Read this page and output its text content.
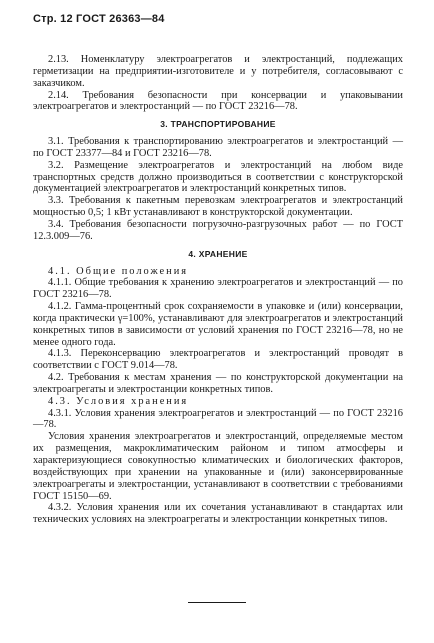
Стр. 12 ГОСТ 26363—84

2.13. Номенклатуру электроагрегатов и электростанций, подлежащих герметизации на предприятии-изготовителе и у потребителя, согласовывают с заказчиком.

2.14. Требования безопасности при консервации и упаковывании электроагрегатов и электростанций — по ГОСТ 23216—78.

3. ТРАНСПОРТИРОВАНИЕ

3.1. Требования к транспортированию электроагрегатов и электростанций — по ГОСТ 23377—84 и ГОСТ 23216—78.

3.2. Размещение электроагрегатов и электростанций на любом виде транспортных средств должно производиться в соответствии с конструкторской документацией электроагрегатов и электростанций конкретных типов.

3.3. Требования к пакетным перевозкам электроагрегатов и электростанций мощностью 0,5; 1 кВт устанавливают в конструкторской документации.

3.4. Требования безопасности погрузочно-разгрузочных работ — по ГОСТ 12.3.009—76.

4. ХРАНЕНИЕ

4.1. Общие положения

4.1.1. Общие требования к хранению электроагрегатов и электростанций — по ГОСТ 23216—78.

4.1.2. Гамма-процентный срок сохраняемости в упаковке и (или) консервации, когда практически γ=100%, устанавливают для электроагрегатов и электростанций конкретных типов в зависимости от условий хранения по ГОСТ 23216—78, но не менее одного года.

4.1.3. Переконсервацию электроагрегатов и электростанций проводят в соответствии с ГОСТ 9.014—78.

4.2. Требования к местам хранения — по конструкторской документации на электроагрегаты и электростанции конкретных типов.

4.3. Условия хранения

4.3.1. Условия хранения электроагрегатов и электростанций — по ГОСТ 23216—78.

Условия хранения электроагрегатов и электростанций, определяемые местом их размещения, макроклиматическим районом и типом атмосферы и характеризующиеся совокупностью климатических и биологических факторов, воздействующих при хранении на упакованные и (или) законсервированные электроагрегаты и электростанции, устанавливают в соответствии с требованиями ГОСТ 15150—69.

4.3.2. Условия хранения или их сочетания устанавливают в стандартах или технических условиях на электроагрегаты и электростанции конкретных типов.
